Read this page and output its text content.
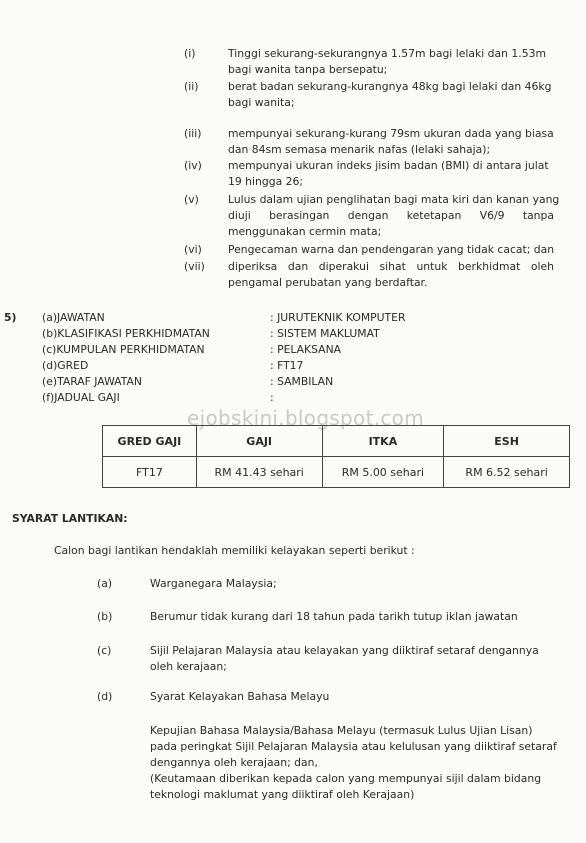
(i)	Tinggi sekurang-sekurangnya 1.57m bagi lelaki dan 1.53m
bagi wanita tanpa bersepatu;
(ii)	berat badan sekurang-kurangnya 48kg bagi lelaki dan 46kg
bagi wanita;
(iii) mempunyai sekurang-kurang 79sm ukuran dada yang biasa
dan 84sm semasa menarik nafas (lelaki sahaja);
(iv) mempunyai ukuran indeks jisim badan (BMI) di antara julat
19 hingga 26;
(v)	Lulus dalam ujian penglihatan bagi mata kiri dan kanan yang
diuji berasingan dengan ketetapan V6/9 tanpa
menggunakan cermin mata;
(vi) Pengecaman warna dan pendengaran yang tidak cacat; dan
(vii) diperiksa dan diperakui sihat untuk berkhidmat oleh
pengamal perubatan yang berdaftar.
5) (a)JAWATAN	: JURUTEKNIK KOMPUTER
(b)KLASIFIKASI PERKHIDMATAN	: SISTEM MAKLUMAT
(c)KUMPULAN PERKHIDMATAN	: PELAKSANA
(d)GRED	: FT17
(e)TARAF JAWATAN	: SAMBILAN
(f)JADUAL GAJI	:
ejobskini.blogspot.com
GRED GAJI	GAJI	ITKA	ESH
FT17	RM 41.43 sehari	RM 5.00 sehari	RM 6.52 sehari
SYARAT LANTIKAN:
Calon bagi lantikan hendaklah memiliki kelayakan seperti berikut :
(a)	Warganegara Malaysia;
(b)	Berumur tidak kurang dari 18 tahun pada tarikh tutup iklan jawatan
(c)	Sijil Pelajaran Malaysia atau kelayakan yang diiktiraf setaraf dengannya
oleh kerajaan;
(d)	Syarat Kelayakan Bahasa Melayu
Kepujian Bahasa Malaysia/Bahasa Melayu (termasuk Lulus Ujian Lisan)
pada peringkat Sijil Pelajaran Malaysia atau kelulusan yang diiktiraf setaraf
dengannya oleh kerajaan; dan,
(Keutamaan diberikan kepada calon yang mempunyai sijil dalam bidang
teknologi maklumat yang diiktiraf oleh Kerajaan)
